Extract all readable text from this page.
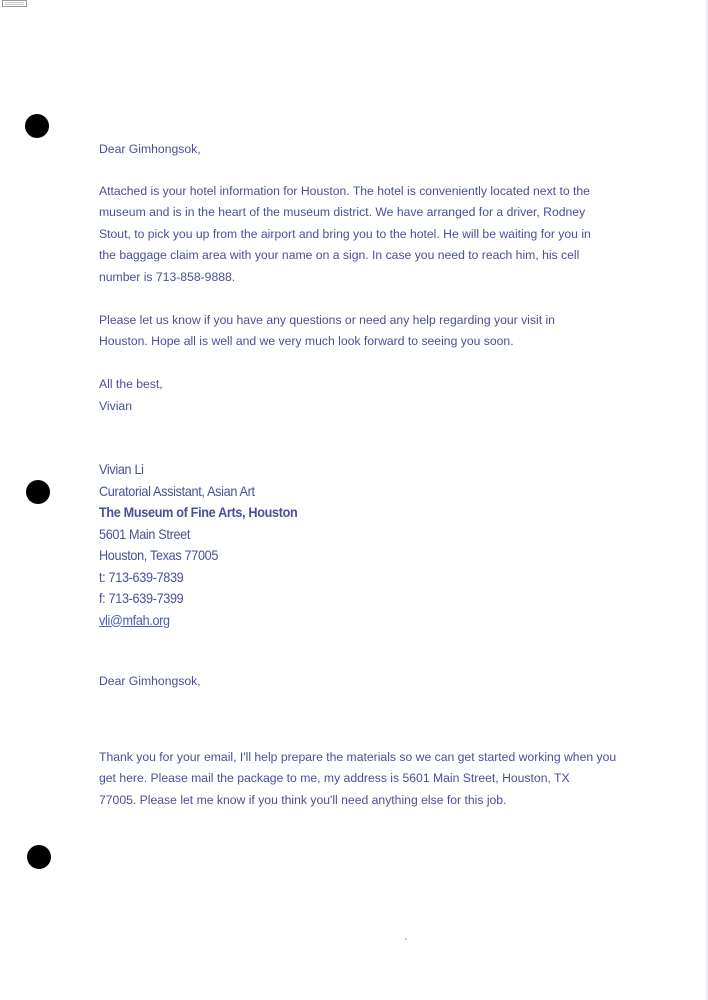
Dear Gimhongsok,
Attached is your hotel information for Houston. The hotel is conveniently located next to the
museum and is in the heart of the museum district. We have arranged for a driver, Rodney
Stout, to pick you up from the airport and bring you to the hotel. He will be waiting for you in
the baggage claim area with your name on a sign. In case you need to reach him, his cell
number is 713-858-9888.
Please let us know if you have any questions or need any help regarding your visit in
Houston. Hope all is well and we very much look forward to seeing you soon.
All the best,
Vivian
Vivian Li
Curatorial Assistant, Asian Art
The Museum of Fine Arts, Houston
5601 Main Street
Houston, Texas 77005
t: 713-639-7839
f: 713-639-7399
vli@mfah.org
Dear Gimhongsok,
Thank you for your email, I'll help prepare the materials so we can get started working when you
get here. Please mail the package to me, my address is 5601 Main Street, Houston, TX
77005. Please let me know if you think you'll need anything else for this job.
